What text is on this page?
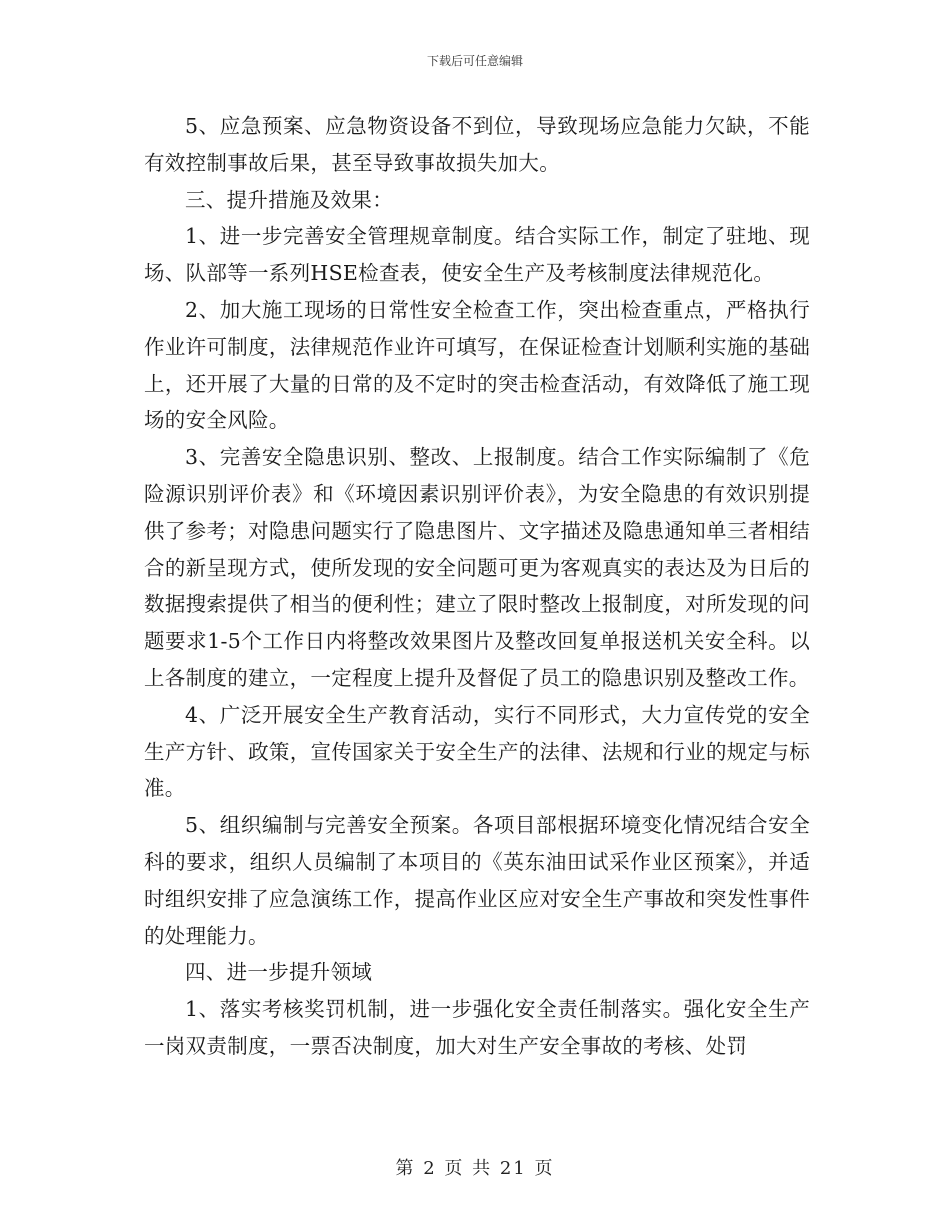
下载后可任意编辑

5、应急预案、应急物资设备不到位，导致现场应急能力欠缺，不能有效控制事故后果，甚至导致事故损失加大。

三、提升措施及效果：

1、进一步完善安全管理规章制度。结合实际工作，制定了驻地、现场、队部等一系列HSE检查表，使安全生产及考核制度法律规范化。

2、加大施工现场的日常性安全检查工作，突出检查重点，严格执行作业许可制度，法律规范作业许可填写，在保证检查计划顺利实施的基础上，还开展了大量的日常的及不定时的突击检查活动，有效降低了施工现场的安全风险。

3、完善安全隐患识别、整改、上报制度。结合工作实际编制了《危险源识别评价表》和《环境因素识别评价表》，为安全隐患的有效识别提供了参考；对隐患问题实行了隐患图片、文字描述及隐患通知单三者相结合的新呈现方式，使所发现的安全问题可更为客观真实的表达及为日后的数据搜索提供了相当的便利性；建立了限时整改上报制度，对所发现的问题要求1-5个工作日内将整改效果图片及整改回复单报送机关安全科。以上各制度的建立，一定程度上提升及督促了员工的隐患识别及整改工作。

4、广泛开展安全生产教育活动，实行不同形式，大力宣传党的安全生产方针、政策，宣传国家关于安全生产的法律、法规和行业的规定与标准。

5、组织编制与完善安全预案。各项目部根据环境变化情况结合安全科的要求，组织人员编制了本项目的《英东油田试采作业区预案》，并适时组织安排了应急演练工作，提高作业区应对安全生产事故和突发性事件的处理能力。

四、进一步提升领域

1、落实考核奖罚机制，进一步强化安全责任制落实。强化安全生产一岗双责制度，一票否决制度，加大对生产安全事故的考核、处罚

第 2 页 共 21 页
